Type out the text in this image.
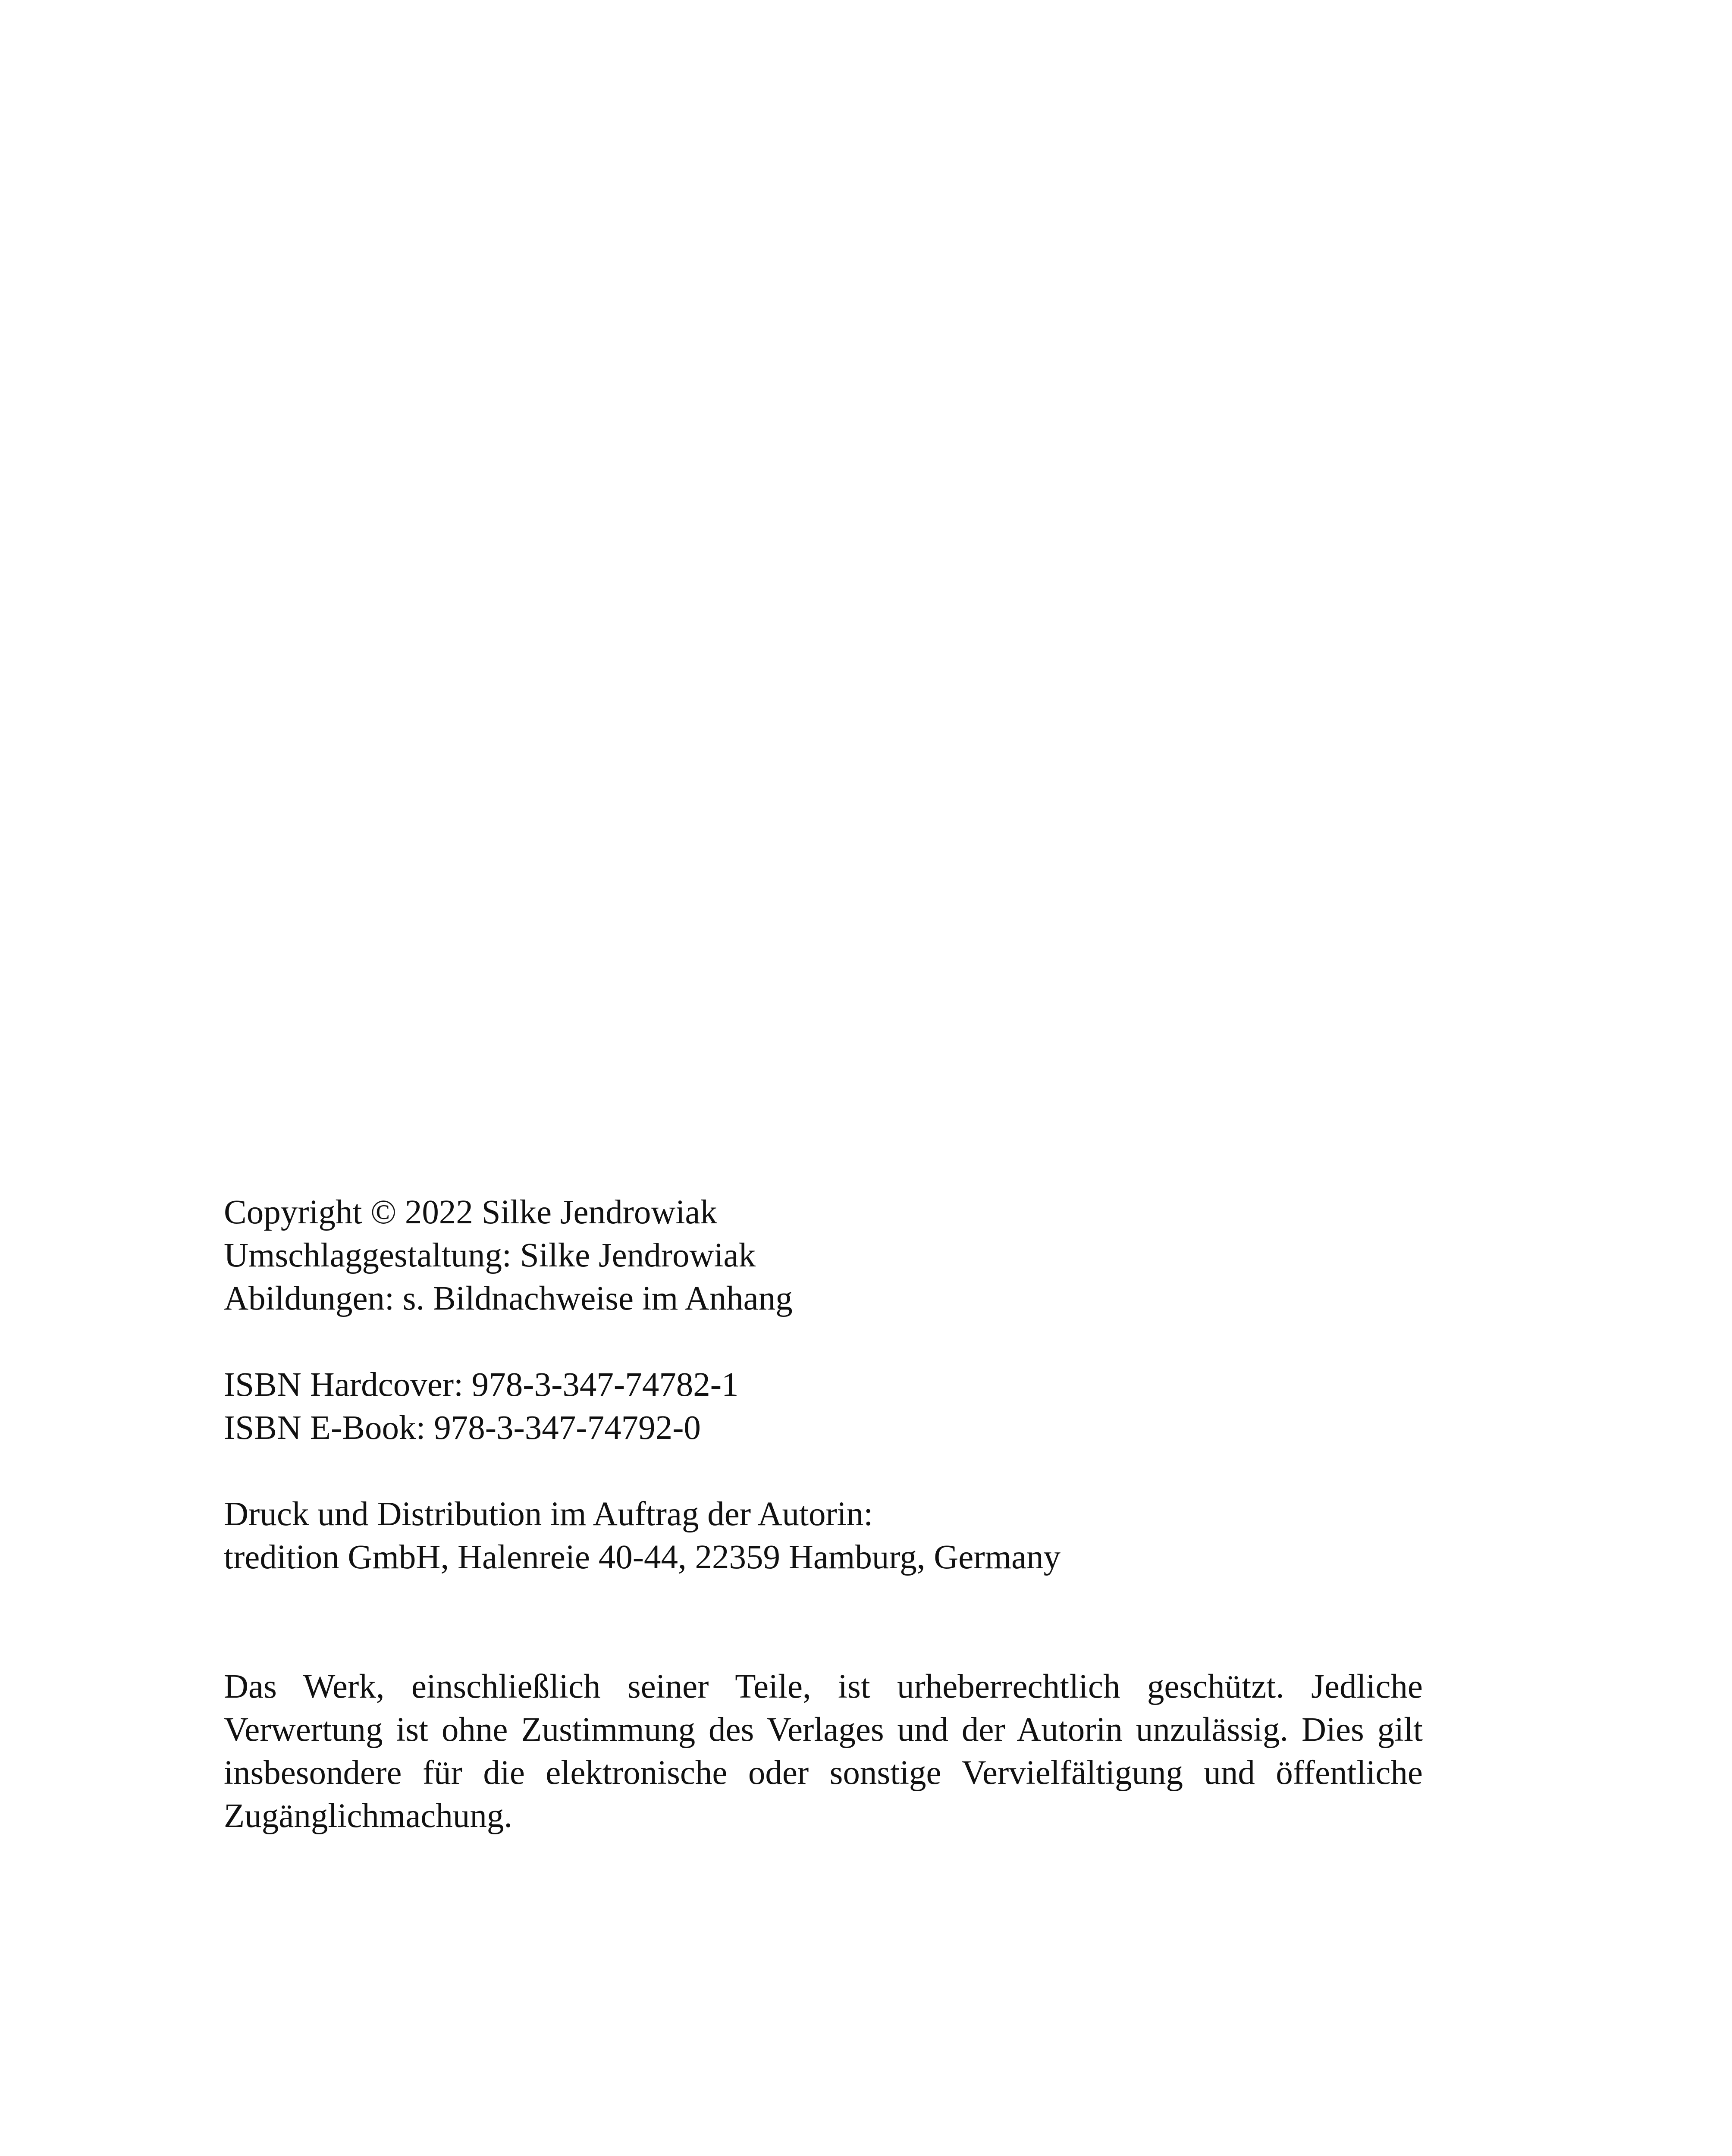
Copyright © 2022 Silke Jendrowiak

Umschlaggestaltung: Silke Jendrowiak

Abildungen: s. Bildnachweise im Anhang

ISBN Hardcover: 978-3-347-74782-1

ISBN E-Book: 978-3-347-74792-0

Druck und Distribution im Auftrag der Autorin:

tredition GmbH, Halenreie 40-44, 22359 Hamburg, Germany

Das Werk, einschließlich seiner Teile, ist urheberrechtlich geschützt. Jedliche Verwertung ist ohne Zustimmung des Verlages und der Autorin unzulässig. Dies gilt insbesondere für die elektronische oder sonstige Vervielfältigung und öffentliche Zugänglichmachung.
